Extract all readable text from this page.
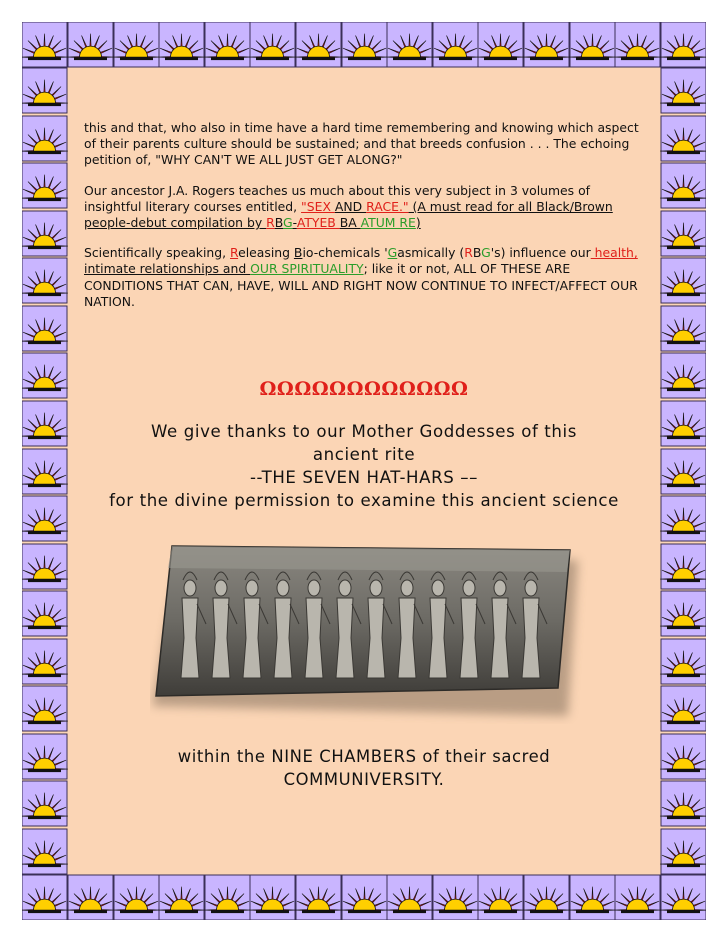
this and that, who also in time have a hard time remembering and knowing which aspect of their parents culture should be sustained; and that breeds confusion . . . The echoing petition of, "WHY CAN'T WE ALL JUST GET ALONG?"

Our ancestor J.A. Rogers teaches us much about this very subject in 3 volumes of insightful literary courses entitled, "SEX AND RACE." (A must read for all Black/Brown people-debut compilation by RBG-ATYEB BA ATUM RE)

Scientifically speaking, Releasing Bio-chemicals 'Gasmically (RBG's) influence our health, intimate relationships and OUR SPIRITUALITY; like it or not, ALL OF THESE ARE CONDITIONS THAT CAN, HAVE, WILL AND RIGHT NOW CONTINUE TO INFECT/AFFECT OUR NATION.

ΩΩΩΩΩΩΩΩΩΩΩΩ
We give thanks to our Mother Goddesses of this
ancient rite
--THE SEVEN HAT-HARS ––
for the divine permission to examine this ancient science
within the NINE CHAMBERS of their sacred
COMMUNIVERSITY.
